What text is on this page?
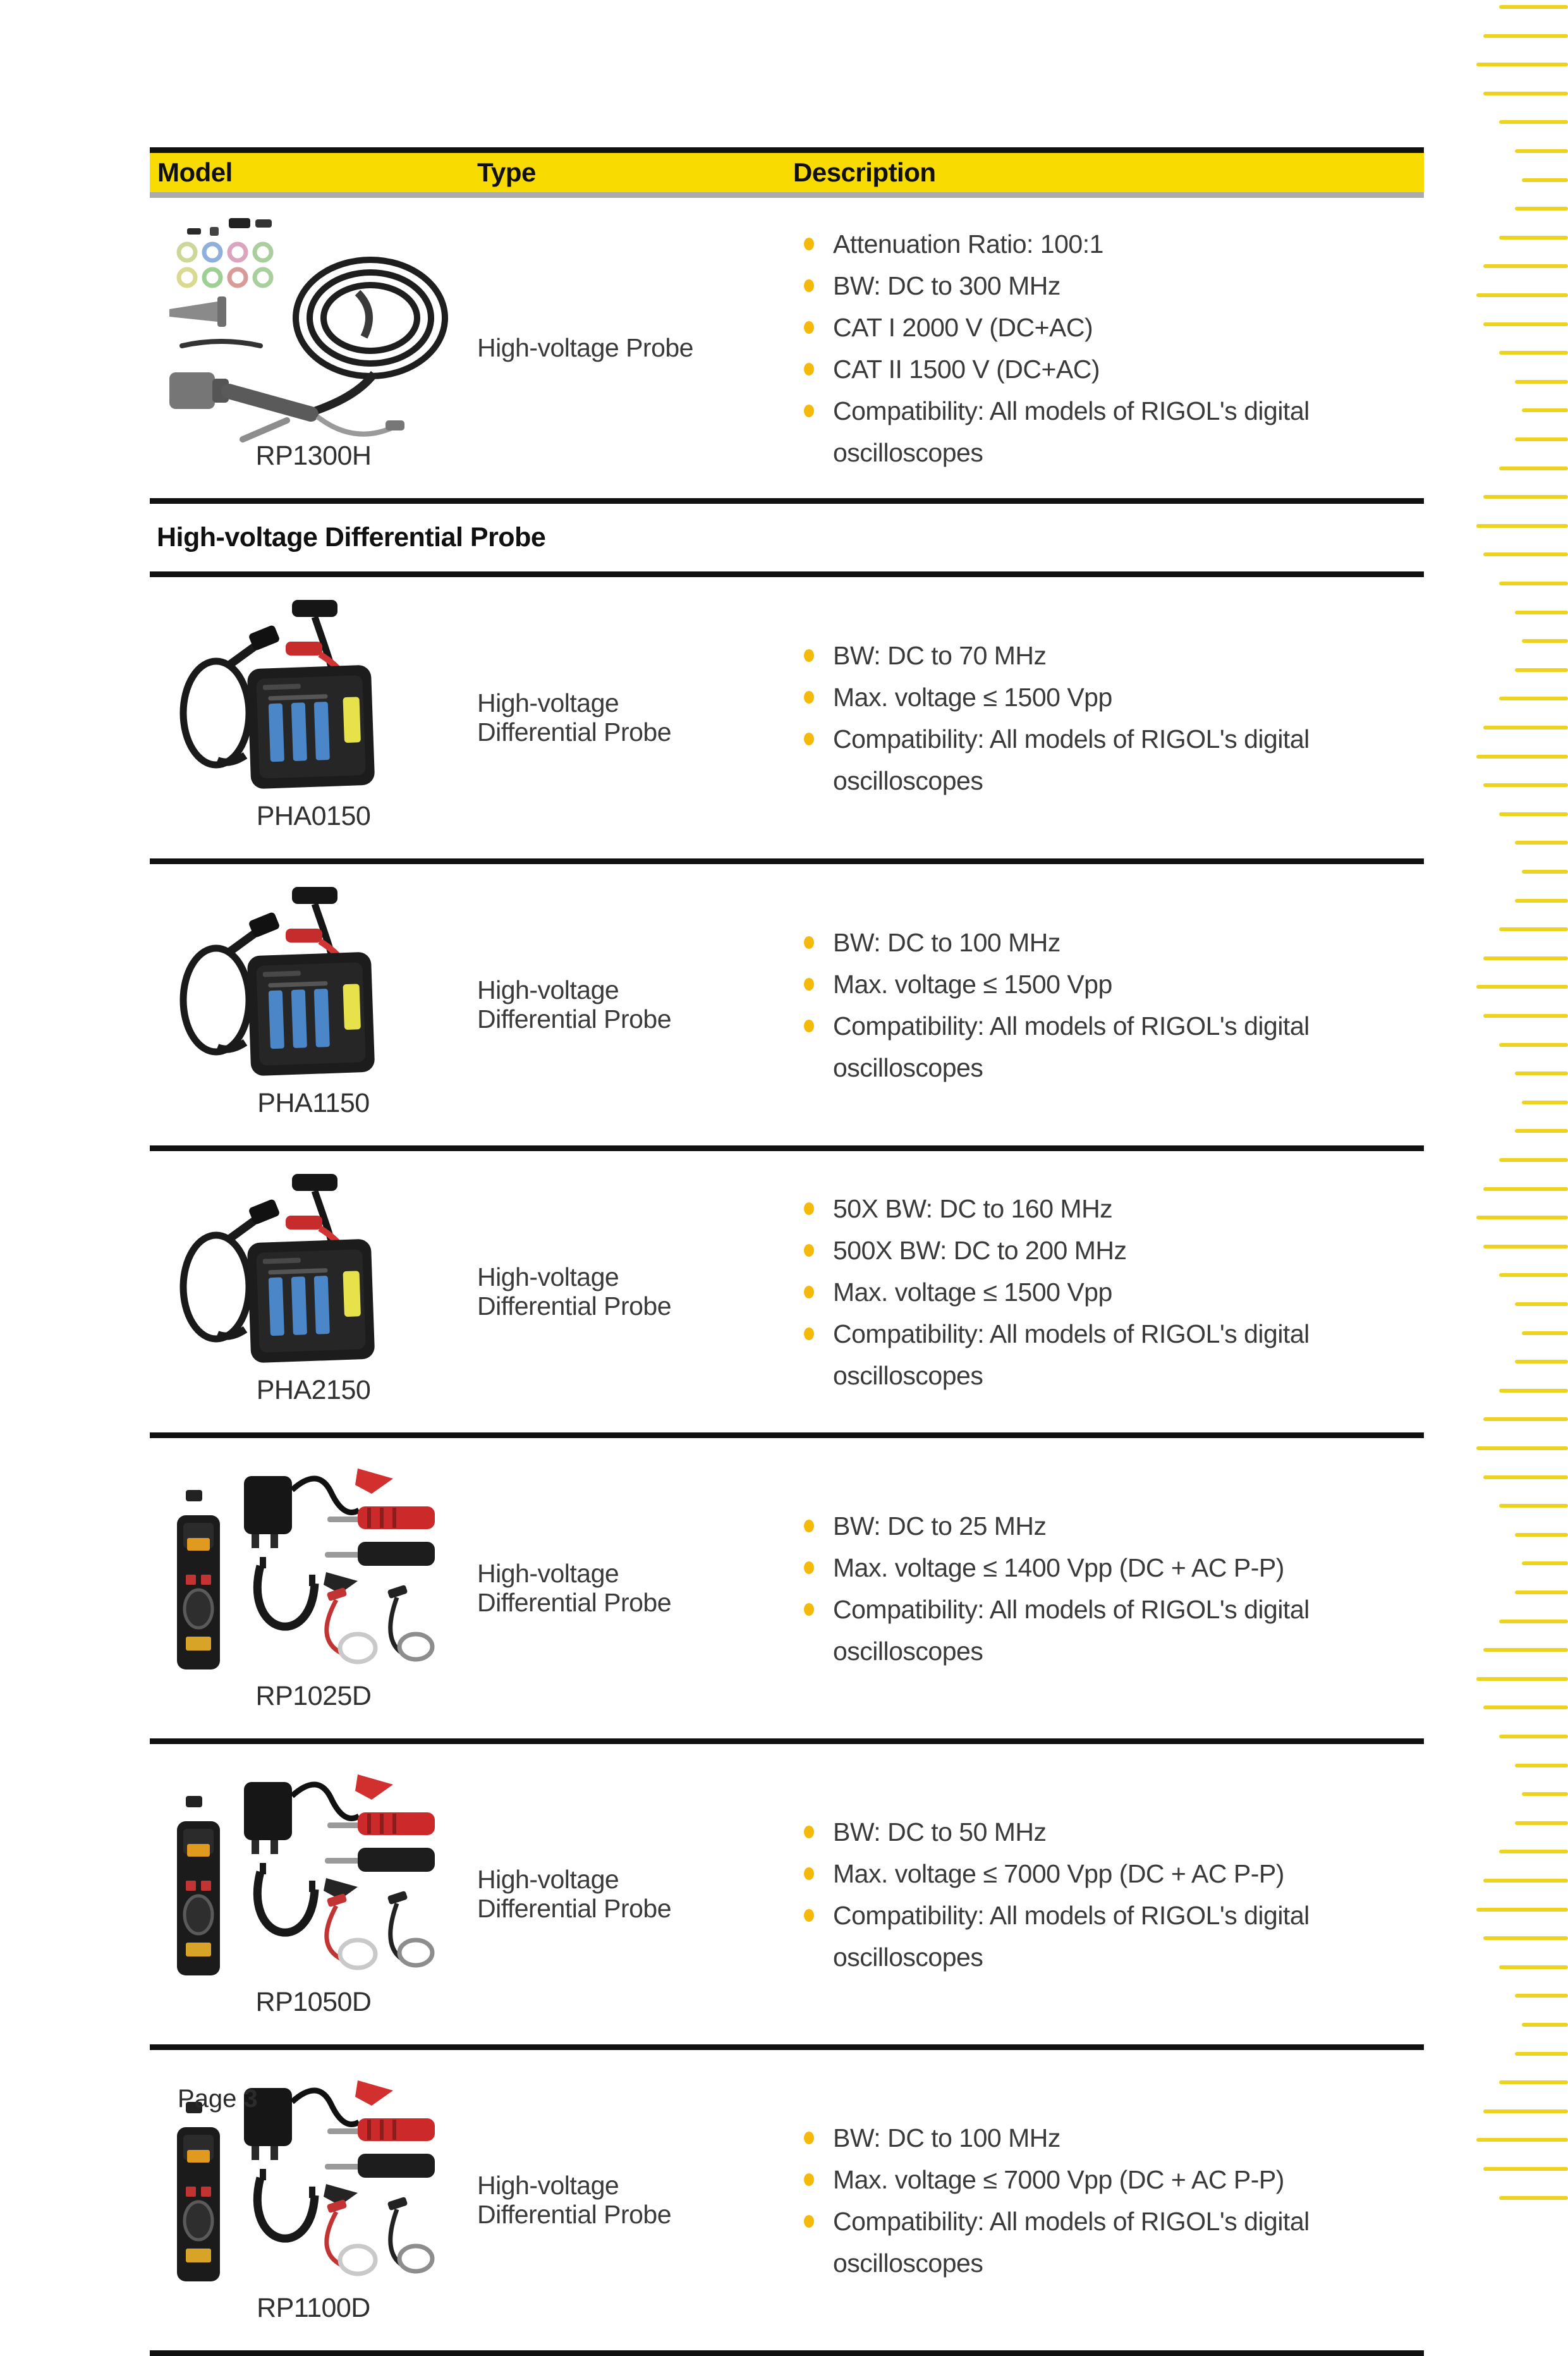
Model	Type	Description
RP1300H
High-voltage Probe
Attenuation Ratio: 100:1
BW: DC to 300 MHz
CAT I 2000 V (DC+AC)
CAT II 1500 V (DC+AC)
Compatibility: All models of RIGOL's digital oscilloscopes
High-voltage Differential Probe
PHA0150
High-voltage Differential Probe
BW: DC to 70 MHz
Max. voltage ≤ 1500 Vpp
Compatibility: All models of RIGOL's digital oscilloscopes
PHA1150
High-voltage Differential Probe
BW: DC to 100 MHz
Max. voltage ≤ 1500 Vpp
Compatibility: All models of RIGOL's digital oscilloscopes
PHA2150
High-voltage Differential Probe
50X BW: DC to 160 MHz
500X BW: DC to 200 MHz
Max. voltage ≤ 1500 Vpp
Compatibility: All models of RIGOL's digital oscilloscopes
RP1025D
High-voltage Differential Probe
BW: DC to 25 MHz
Max. voltage ≤ 1400 Vpp (DC + AC P-P)
Compatibility: All models of RIGOL's digital oscilloscopes
RP1050D
High-voltage Differential Probe
BW: DC to 50 MHz
Max. voltage ≤ 7000 Vpp (DC + AC P-P)
Compatibility: All models of RIGOL's digital oscilloscopes
RP1100D
High-voltage Differential Probe
BW: DC to 100 MHz
Max. voltage ≤ 7000 Vpp (DC + AC P-P)
Compatibility: All models of RIGOL's digital oscilloscopes
Page 3
